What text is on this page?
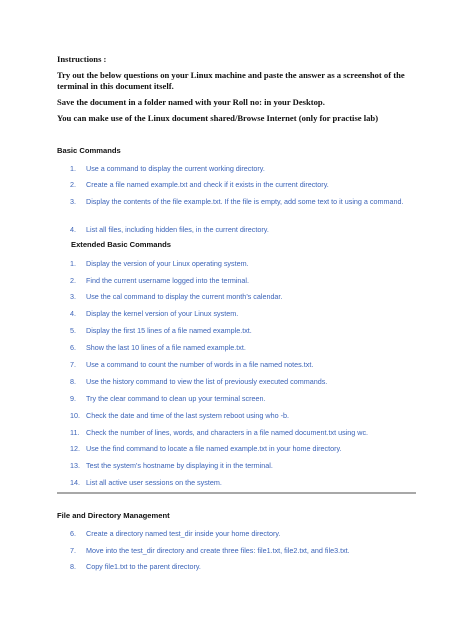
Instructions :
Try out the below questions on your Linux machine and paste the answer as a screenshot of the terminal in this document itself.
Save the document in a folder named with your Roll no: in your Desktop.
You can make use of the Linux document shared/Browse Internet (only for practise lab)
Basic Commands
1. Use a command to display the current working directory.
2. Create a file named example.txt and check if it exists in the current directory.
3. Display the contents of the file example.txt. If the file is empty, add some text to it using a command.
4. List all files, including hidden files, in the current directory.
Extended Basic Commands
1. Display the version of your Linux operating system.
2. Find the current username logged into the terminal.
3. Use the cal command to display the current month’s calendar.
4. Display the kernel version of your Linux system.
5. Display the first 15 lines of a file named example.txt.
6. Show the last 10 lines of a file named example.txt.
7. Use a command to count the number of words in a file named notes.txt.
8. Use the history command to view the list of previously executed commands.
9. Try the clear command to clean up your terminal screen.
10. Check the date and time of the last system reboot using who -b.
11. Check the number of lines, words, and characters in a file named document.txt using wc.
12. Use the find command to locate a file named example.txt in your home directory.
13. Test the system’s hostname by displaying it in the terminal.
14. List all active user sessions on the system.
File and Directory Management
6. Create a directory named test_dir inside your home directory.
7. Move into the test_dir directory and create three files: file1.txt, file2.txt, and file3.txt.
8. Copy file1.txt to the parent directory.
